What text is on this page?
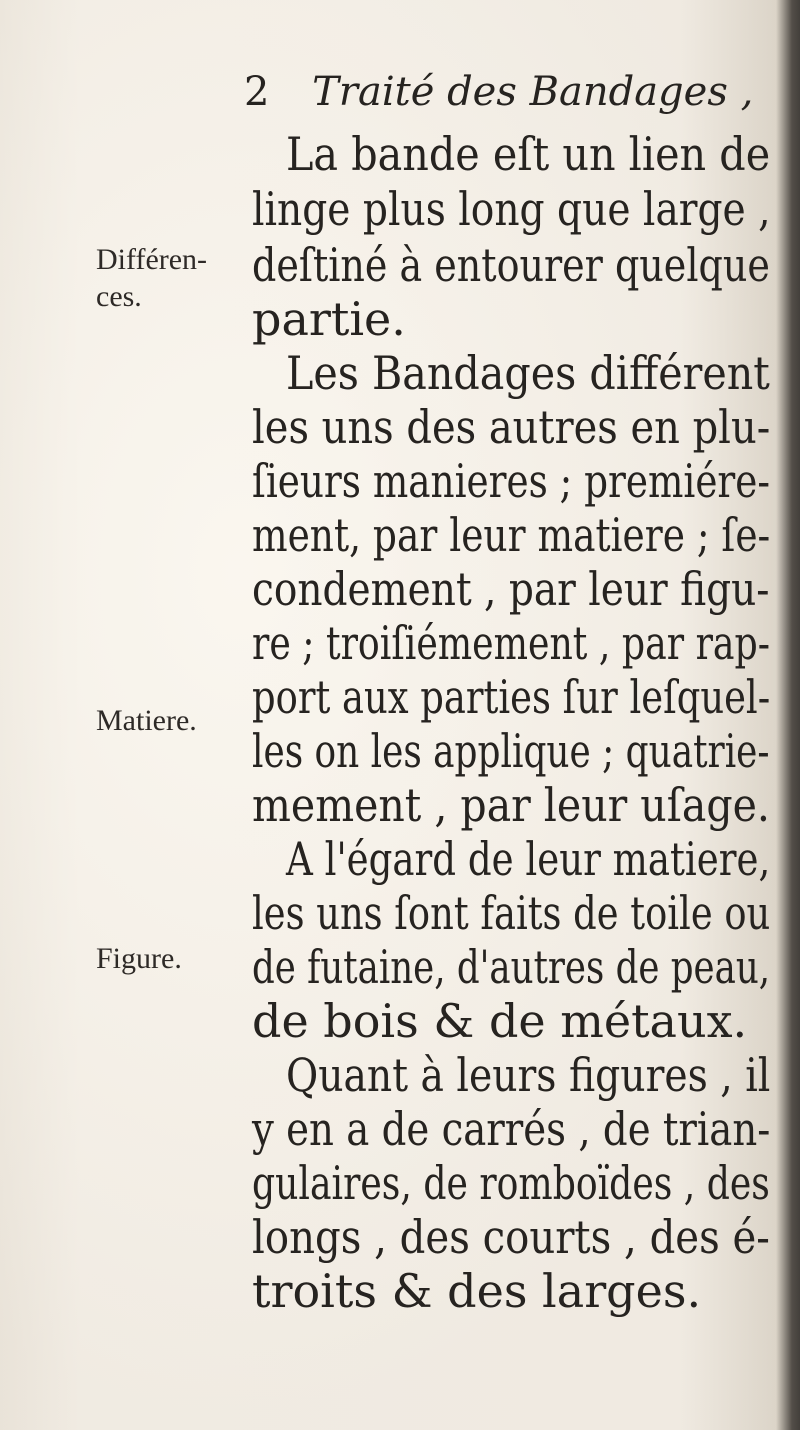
2 Traité des Bandages ,
Différen-
ces.
Matiere.
Figure.
La bande eſt un lien de
linge plus long que large ,
deſtiné à entourer quelque
partie.
Les Bandages différent
les uns des autres en plu-
ſieurs manieres ; premiére-
ment, par leur matiere ; ſe-
condement , par leur figu-
re ; troiſiémement , par rap-
port aux parties ſur leſquel-
les on les applique ; quatrie-
mement , par leur uſage.
A l'égard de leur matiere,
les uns ſont faits de toile ou
de futaine, d'autres de peau,
de bois & de métaux.
Quant à leurs figures , il
y en a de carrés , de trian-
gulaires, de romboïdes , des
longs , des courts , des é-
troits & des larges.
